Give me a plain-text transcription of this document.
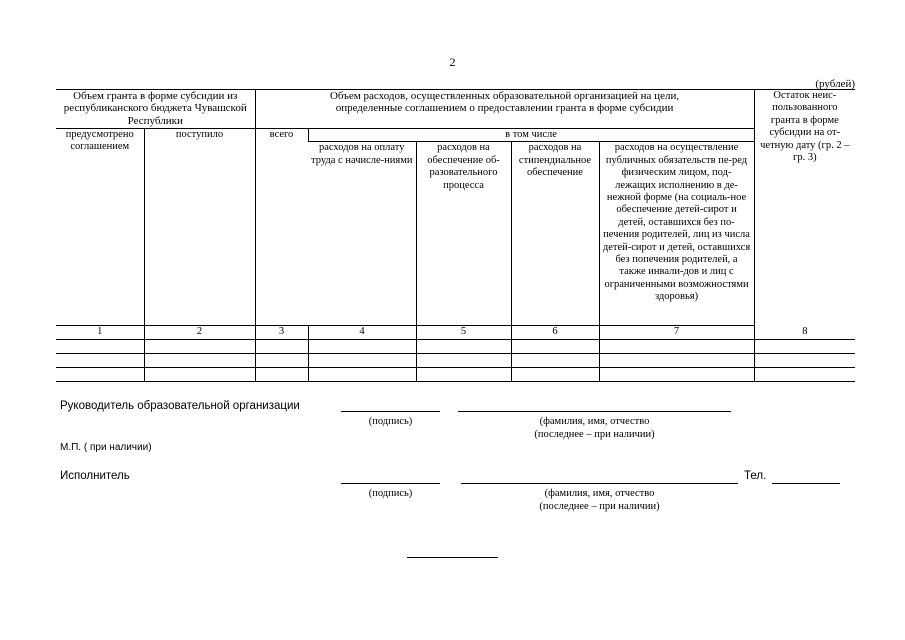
2
(рублей)
Объем гранта в форме субсидии из республиканского бюджета Чувашской Республики		Объем расходов, осуществленных образовательной организацией на цели, определенные соглашением о предоставлении гранта в форме субсидии					Остаток неис-пользованного гранта в форме субсидии на от-четную дату (гр. 2 – гр. 3)
предусмотрено соглашением	поступило	всего	в том числе				
			расходов на оплату труда с начисле-ниями	расходов на обеспечение об-разовательного процесса	расходов на стипендиальное обеспечение	расходов на осуществление публичных обязательств пе-ред физическим лицом, под-лежащих исполнению в де-нежной форме (на социаль-ное обеспечение детей-сирот и детей, оставшихся без по-печения родителей, лиц из числа детей-сирот и детей, оставшихся без попечения родителей, а также инвали-дов и лиц с ограниченными возможностями здоровья)	
1	2	3	4	5	6	7	8

Руководитель образовательной организации
(подпись)	(фамилия, имя, отчество
(последнее – при наличии)
М.П. ( при наличии)
Исполнитель	Тел.
(подпись)	(фамилия, имя, отчество
(последнее – при наличии)
